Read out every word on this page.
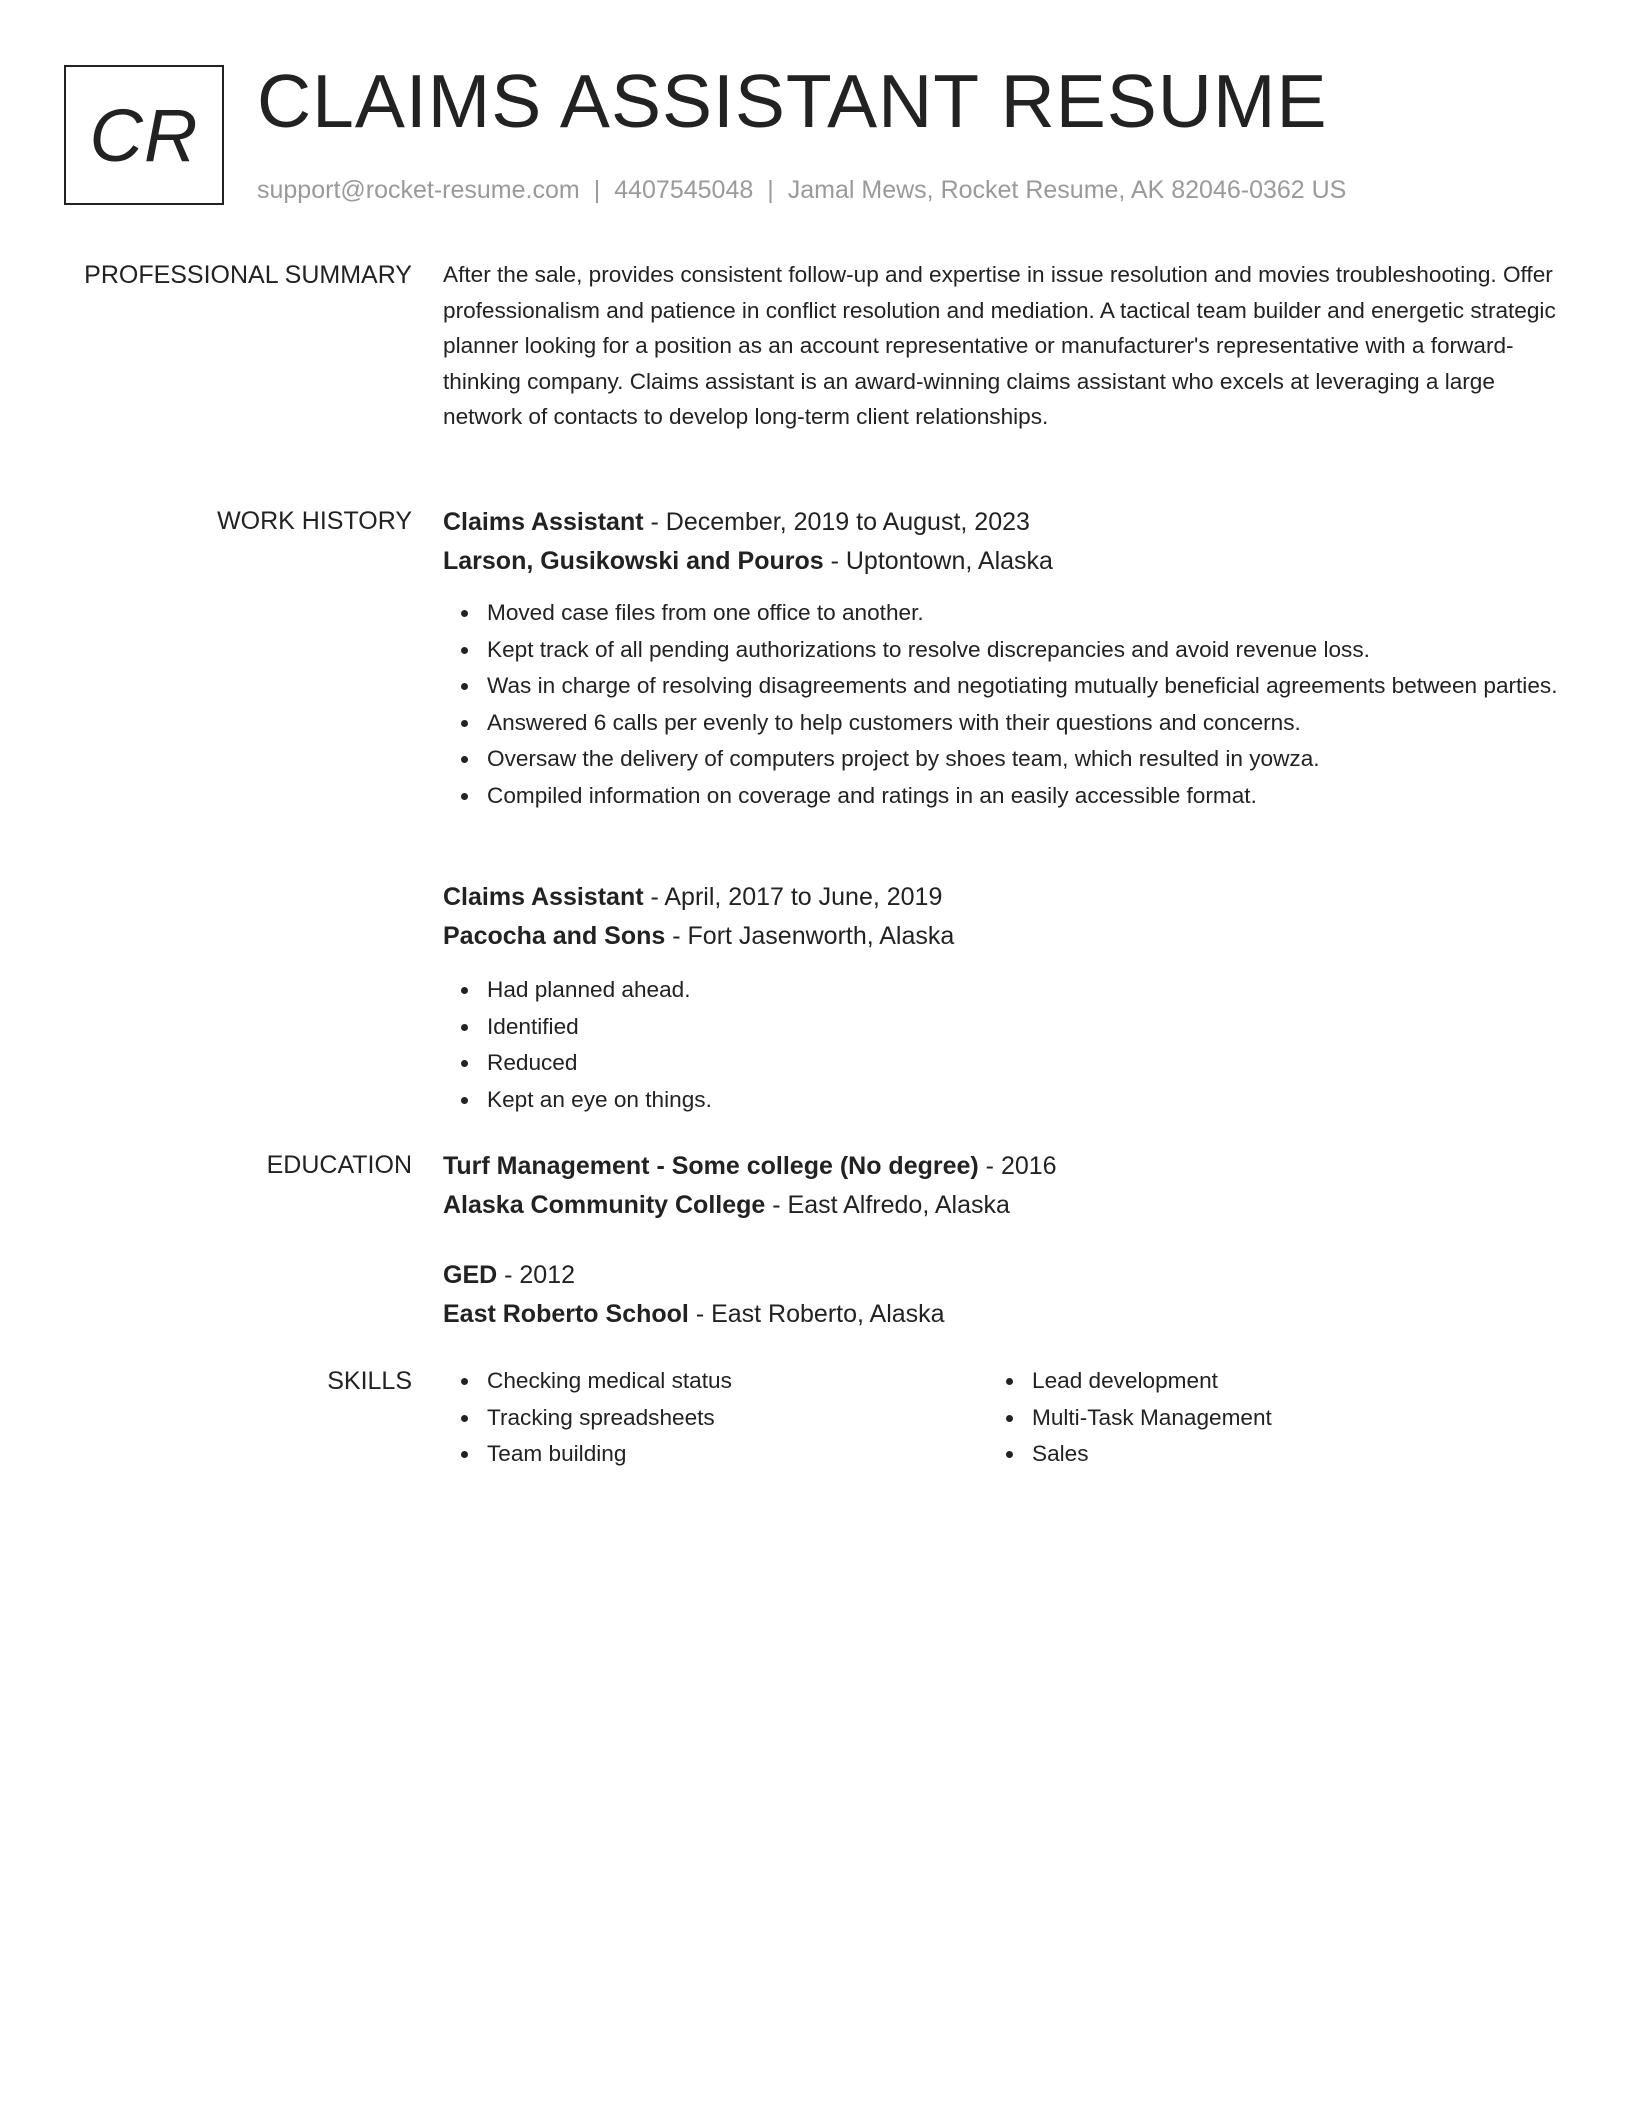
CR CLAIMS ASSISTANT RESUME
support@rocket-resume.com | 4407545048 | Jamal Mews, Rocket Resume, AK 82046-0362 US
PROFESSIONAL SUMMARY After the sale, provides consistent follow-up and expertise in issue resolution and movies troubleshooting. Offer professionalism and patience in conflict resolution and mediation. A tactical team builder and energetic strategic planner looking for a position as an account representative or manufacturer's representative with a forward-thinking company. Claims assistant is an award-winning claims assistant who excels at leveraging a large network of contacts to develop long-term client relationships.

WORK HISTORY Claims Assistant - December, 2019 to August, 2023
Larson, Gusikowski and Pouros - Uptontown, Alaska
Moved case files from one office to another.
Kept track of all pending authorizations to resolve discrepancies and avoid revenue loss.
Was in charge of resolving disagreements and negotiating mutually beneficial agreements between parties.
Answered 6 calls per evenly to help customers with their questions and concerns.
Oversaw the delivery of computers project by shoes team, which resulted in yowza.
Compiled information on coverage and ratings in an easily accessible format.
Claims Assistant - April, 2017 to June, 2019
Pacocha and Sons - Fort Jasenworth, Alaska
Had planned ahead.
Identified
Reduced
Kept an eye on things.
EDUCATION Turf Management - Some college (No degree) - 2016
Alaska Community College - East Alfredo, Alaska
GED - 2012
East Roberto School - East Roberto, Alaska
SKILLS	Checking medical status
Tracking spreadsheets
Team building
Lead development
Multi-Task Management
Sales
